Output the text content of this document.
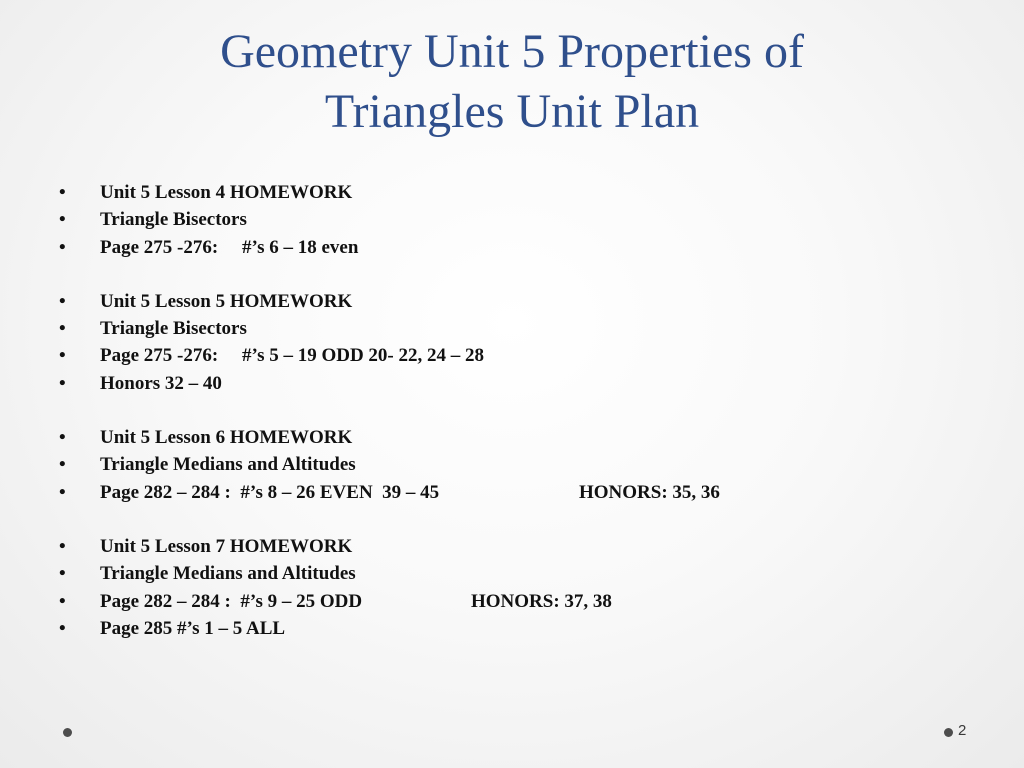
Geometry Unit 5 Properties of
Triangles Unit Plan

•

Unit 5 Lesson 4 HOMEWORK

•

Triangle Bisectors

•

Page 275 -276:     #’s 6 – 18 even

•

Unit 5 Lesson 5 HOMEWORK

•

Triangle Bisectors

•

Page 275 -276:     #’s 5 – 19 ODD 20- 22, 24 – 28

•

Honors 32 – 40

•

Unit 5 Lesson 6 HOMEWORK

•

Triangle Medians and Altitudes

•

Page 282 – 284 :  #’s 8 – 26 EVEN  39 – 45

	HONORS: 35, 36

•

Unit 5 Lesson 7 HOMEWORK

•

Triangle Medians and Altitudes

•

Page 282 – 284 :  #’s 9 – 25 ODD

	HONORS: 37, 38

•

Page 285 #’s 1 – 5 ALL

2
